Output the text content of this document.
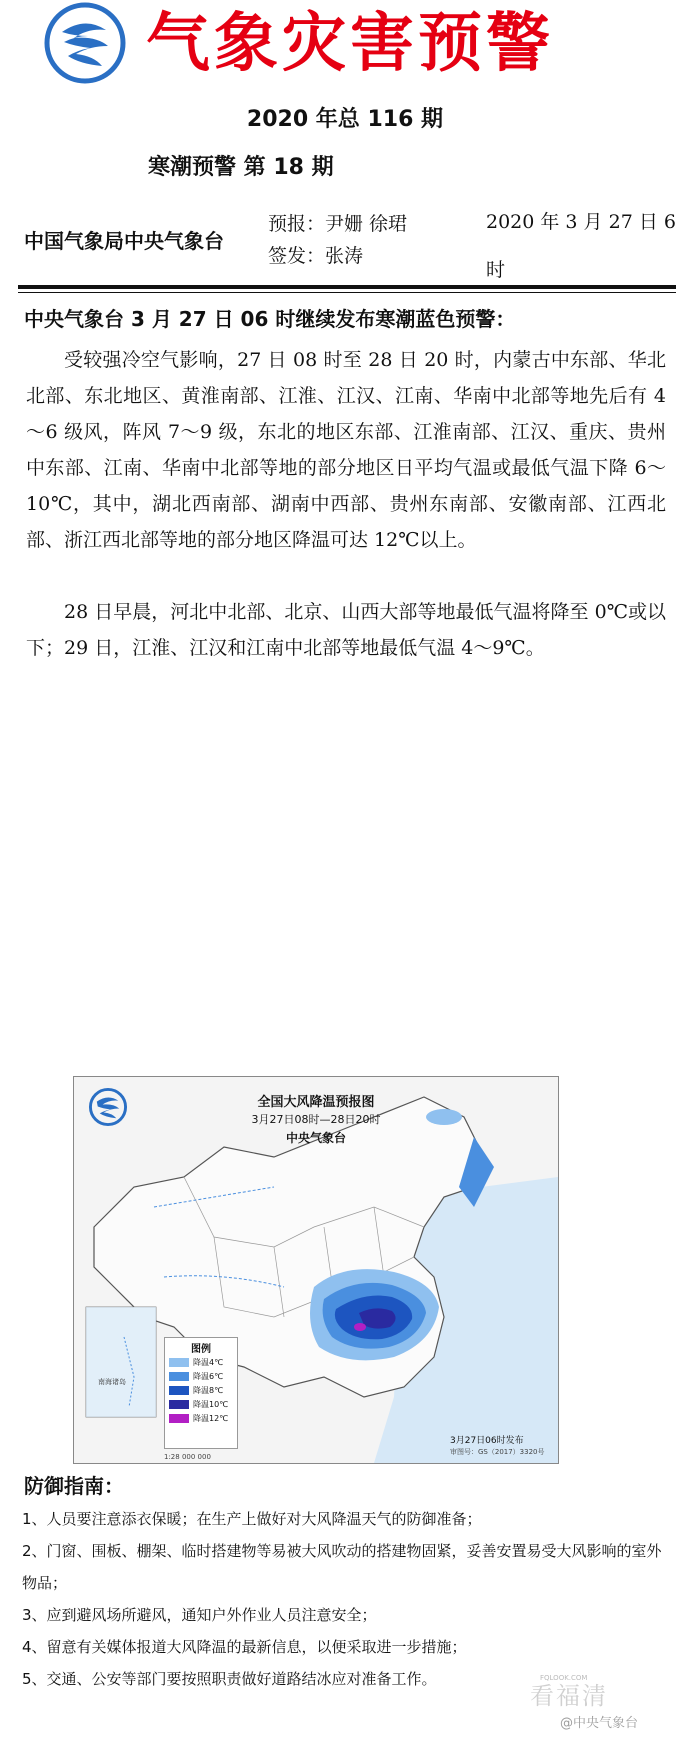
气象灾害预警
2020 年总 116 期
寒潮预警 第 18 期
中国气象局中央气象台
预报：尹姗 徐珺
签发：张涛
2020 年 3 月 27 日 6 时
中央气象台 3 月 27 日 06 时继续发布寒潮蓝色预警：

受较强冷空气影响，27 日 08 时至 28 日 20 时，内蒙古中东部、华北北部、东北地区、黄淮南部、江淮、江汉、江南、华南中北部等地先后有 4～6 级风，阵风 7～9 级，东北的地区东部、江淮南部、江汉、重庆、贵州中东部、江南、华南中北部等地的部分地区日平均气温或最低气温下降 6～10℃，其中，湖北西南部、湖南中西部、贵州东南部、安徽南部、江西北部、浙江西北部等地的部分地区降温可达 12℃以上。

28 日早晨，河北中北部、北京、山西大部等地最低气温将降至 0℃或以下；29 日，江淮、江汉和江南中北部等地最低气温 4～9℃。

全国大风降温预报图
3月27日08时—28日20时
中央气象台
图例
降温4℃
降温6℃
降温8℃
降温10℃
降温12℃
南海诸岛
1:28 000 000
3月27日06时发布
审图号：GS（2017）3320号
防御指南：
1、人员要注意添衣保暖；在生产上做好对大风降温天气的防御准备；
2、门窗、围板、棚架、临时搭建物等易被大风吹动的搭建物固紧，妥善安置易受大风影响的室外物品；
3、应到避风场所避风，通知户外作业人员注意安全；
4、留意有关媒体报道大风降温的最新信息，以便采取进一步措施；
5、交通、公安等部门要按照职责做好道路结冰应对准备工作。	FQLOOK.COM
看福清
@中央气象台
